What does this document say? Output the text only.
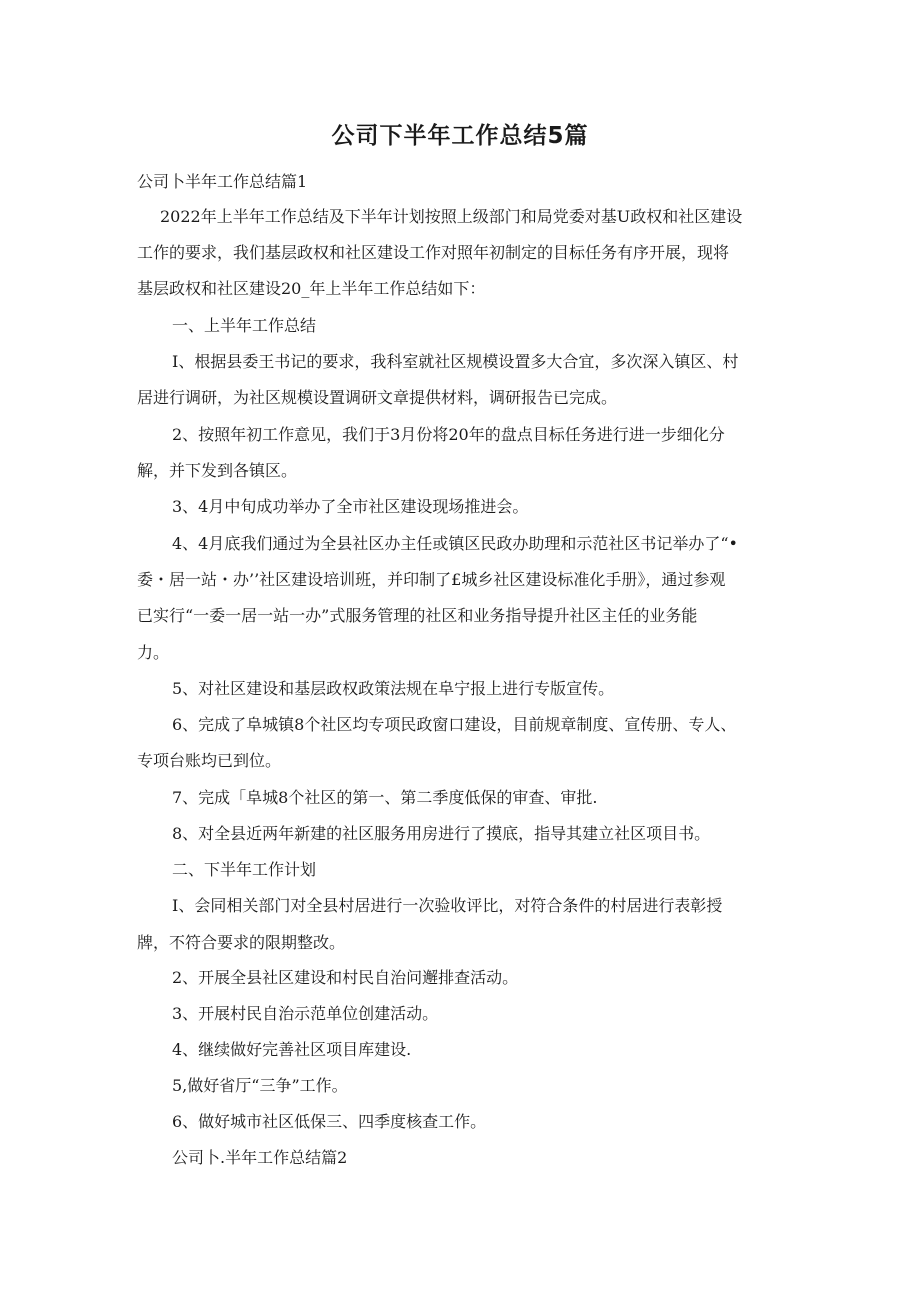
公司下半年工作总结5篇
公司卜半年工作总结篇1
2022年上半年工作总结及下半年计划按照上级部门和局党委对基U政权和社区建设
工作的要求，我们基层政权和社区建设工作对照年初制定的目标任务有序开展，现将
基层政权和社区建设20_年上半年工作总结如下：
一、上半年工作总结
I、根据县委王书记的要求，我科室就社区规模设置多大合宜，多次深入镇区、村
居进行调研，为社区规模设置调研文章提供材料，调研报告已完成。
2、按照年初工作意见，我们于3月份将20年的盘点目标任务进行进一步细化分
解，并下发到各镇区。
3、4月中旬成功举办了全市社区建设现场推进会。
4、4月底我们通过为全县社区办主任或镇区民政办助理和示范社区书记举办了“•
委・居一站・办’’社区建设培训班，并印制了£城乡社区建设标准化手册》，通过参观
已实行“一委一居一站一办”式服务管理的社区和业务指导提升社区主任的业务能
力。
5、对社区建设和基层政权政策法规在阜宁报上进行专版宣传。
6、完成了阜城镇8个社区均专项民政窗口建设，目前规章制度、宣传册、专人、
专项台账均已到位。
7、完成「阜城8个社区的第一、第二季度低保的审查、审批.
8、对全县近两年新建的社区服务用房进行了摸底，指导其建立社区项目书。
二、下半年工作计划
I、会同相关部门对全县村居进行一次验收评比，对符合条件的村居进行表彰授
牌，不符合要求的限期整改。
2、开展全县社区建设和村民自治问邂排查活动。
3、开展村民自治示范单位创建活动。
4、继续做好完善社区项目库建设.
5,做好省厅“三争”工作。
6、做好城市社区低保三、四季度核查工作。
公司卜.半年工作总结篇2
